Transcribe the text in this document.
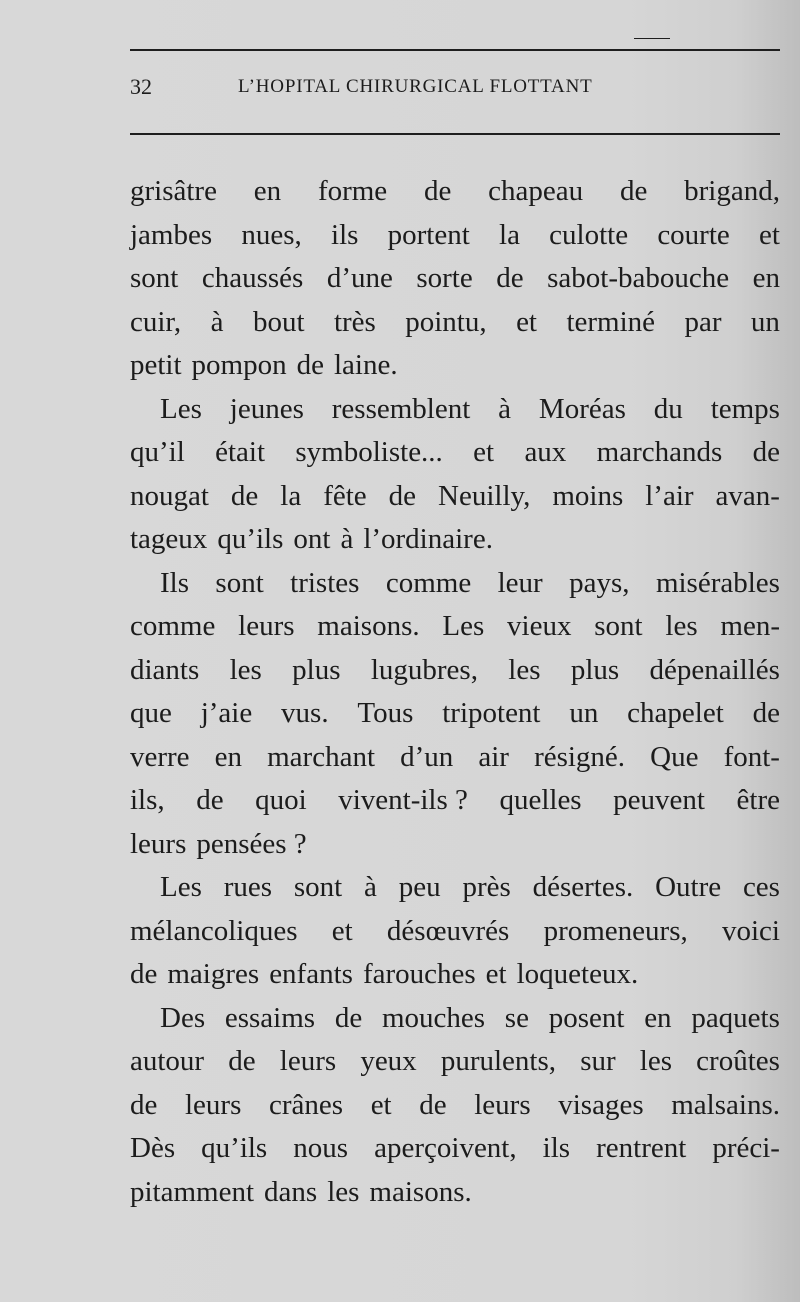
32	L’HOPITAL CHIRURGICAL FLOTTANT
grisâtre en forme de chapeau de brigand,
jambes nues, ils portent la culotte courte et
sont chaussés d’une sorte de sabot-babouche en
cuir, à bout très pointu, et terminé par un
petit pompon de laine.
Les jeunes ressemblent à Moréas du temps
qu’il était symboliste... et aux marchands de
nougat de la fête de Neuilly, moins l’air avan-
tageux qu’ils ont à l’ordinaire.
Ils sont tristes comme leur pays, misérables
comme leurs maisons. Les vieux sont les men-
diants les plus lugubres, les plus dépenaillés
que j’aie vus. Tous tripotent un chapelet de
verre en marchant d’un air résigné. Que font-
ils, de quoi vivent-ils ? quelles peuvent être
leurs pensées ?
Les rues sont à peu près désertes. Outre ces
mélancoliques et désœuvrés promeneurs, voici
de maigres enfants farouches et loqueteux.
Des essaims de mouches se posent en paquets
autour de leurs yeux purulents, sur les croûtes
de leurs crânes et de leurs visages malsains.
Dès qu’ils nous aperçoivent, ils rentrent préci-
pitamment dans les maisons.
